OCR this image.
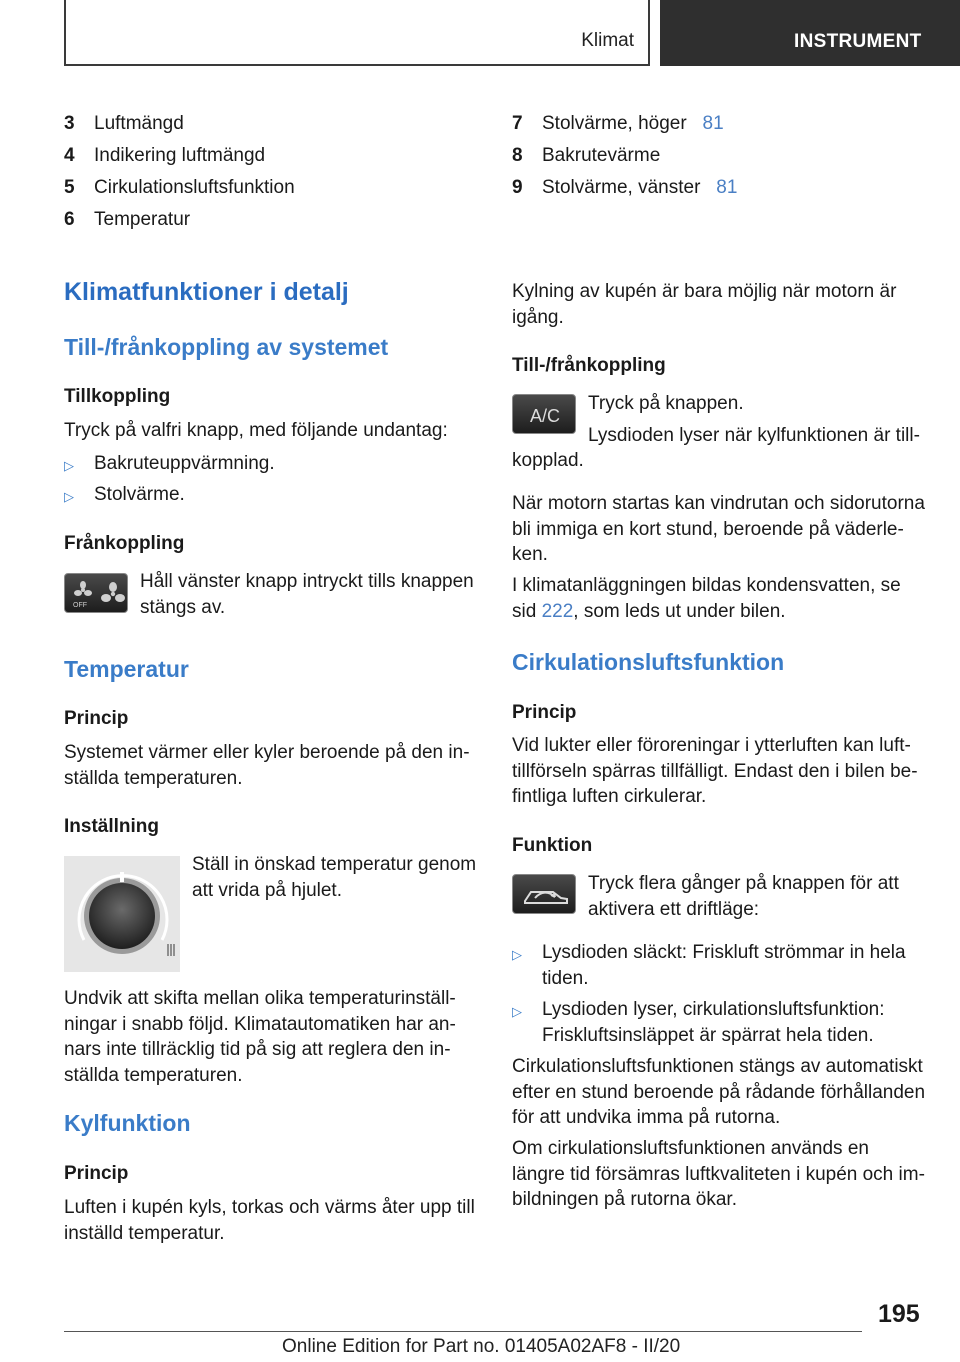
Klimat	INSTRUMENT
3 Luftmängd
4 Indikering luftmängd
5 Cirkulationsluftsfunktion
6 Temperatur
7 Stolvärme, höger 81
8 Bakrutevärme
9 Stolvärme, vänster 81
Klimatfunktioner i detalj
Till-/frånkoppling av systemet
Tillkoppling
Tryck på valfri knapp, med följande undantag:
▷ Bakruteuppvärmning.
▷ Stolvärme.
Frånkoppling
OFF
Håll vänster knapp intryckt tills knappen
stängs av.
Temperatur
Princip
Systemet värmer eller kyler beroende på den in-
ställda temperaturen.
Inställning
Ställ in önskad temperatur genom
att vrida på hjulet.
Undvik att skifta mellan olika temperaturinställ-
ningar i snabb följd. Klimatautomatiken har an-
nars inte tillräcklig tid på sig att reglera den in-
ställda temperaturen.
Kylfunktion
Princip
Luften i kupén kyls, torkas och värms åter upp till
inställd temperatur.
Kylning av kupén är bara möjlig när motorn är
igång.
Till-/frånkoppling
A/C
Tryck på knappen.
Lysdioden lyser när kylfunktionen är till-
kopplad.
När motorn startas kan vindrutan och sidorutorna
bli immiga en kort stund, beroende på väderle-
ken.
I klimatanläggningen bildas kondensvatten, se
sid 222, som leds ut under bilen.
Cirkulationsluftsfunktion
Princip
Vid lukter eller föroreningar i ytterluften kan luft-
tillförseln spärras tillfälligt. Endast den i bilen be-
fintliga luften cirkulerar.
Funktion
Tryck flera gånger på knappen för att
aktivera ett driftläge:
▷ Lysdioden släckt: Friskluft strömmar in hela
tiden.
▷ Lysdioden lyser, cirkulationsluftsfunktion:
Friskluftsinsläppet är spärrat hela tiden.
Cirkulationsluftsfunktionen stängs av automatiskt
efter en stund beroende på rådande förhållanden
för att undvika imma på rutorna.
Om cirkulationsluftsfunktionen används en
längre tid försämras luftkvaliteten i kupén och im-
bildningen på rutorna ökar.
195
Online Edition for Part no. 01405A02AF8 - II/20
